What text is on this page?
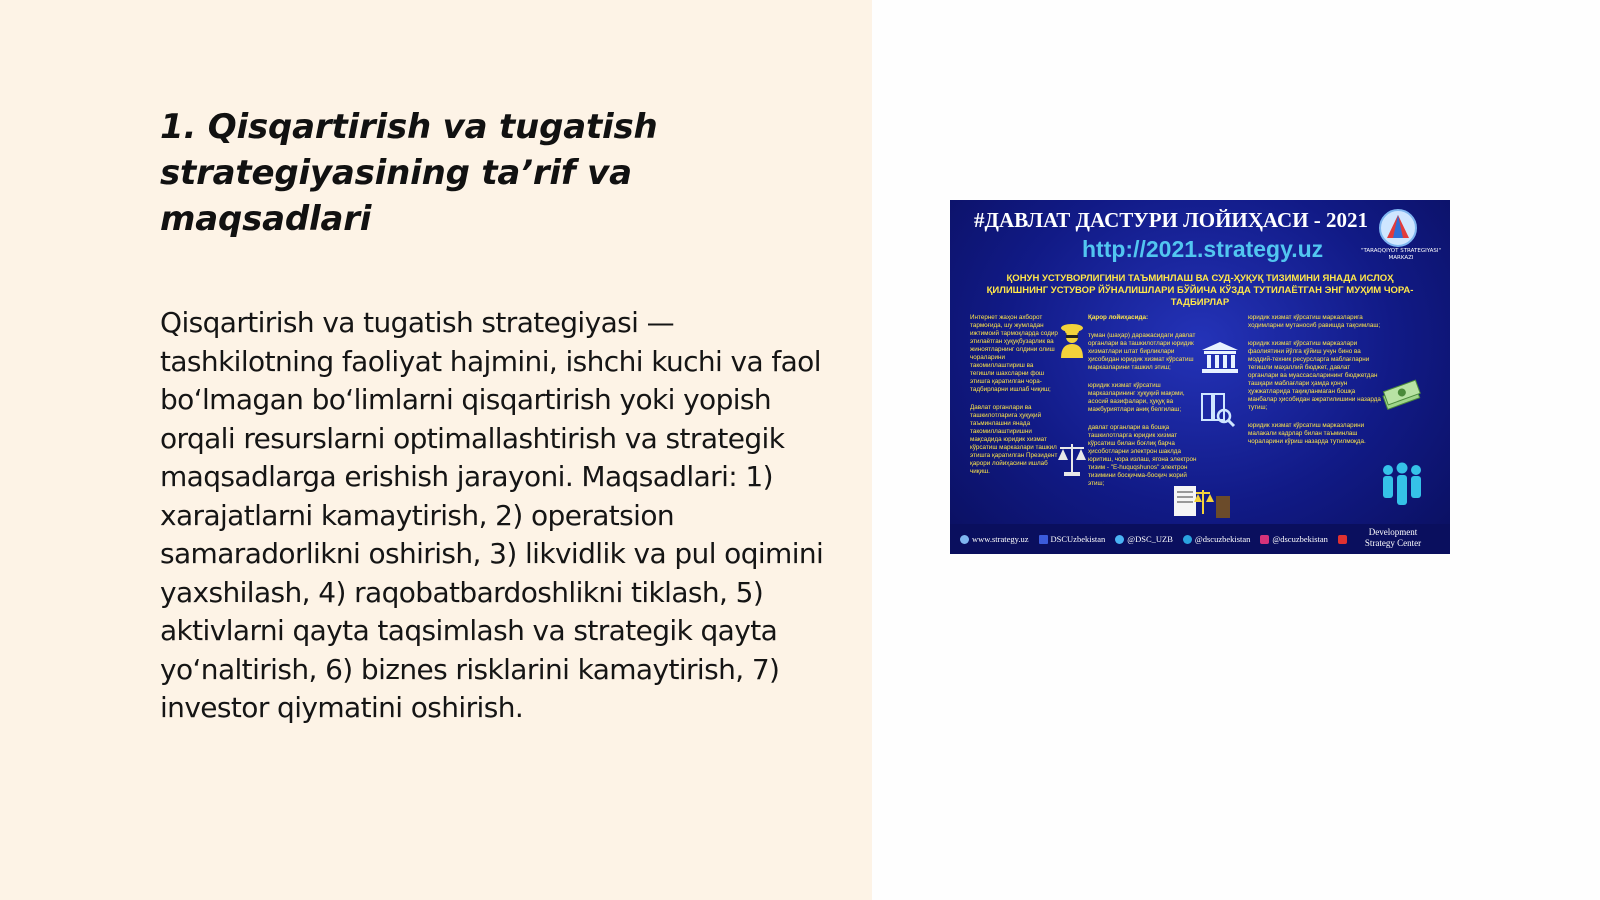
1. Qisqartirish va tugatish strategiyasining ta’rif va maqsadlari

Qisqartirish va tugatish strategiyasi — tashkilotning faoliyat hajmini, ishchi kuchi va faol bo‘lmagan bo‘limlarni qisqartirish yoki yopish orqali resurslarni optimallashtirish va strategik maqsadlarga erishish jarayoni. Maqsadlari: 1) xarajatlarni kamaytirish, 2) operatsion samaradorlikni oshirish, 3) likvidlik va pul oqimini yaxshilash, 4) raqobatbardoshlikni tiklash, 5) aktivlarni qayta taqsimlash va strategik qayta yo‘naltirish, 6) biznes risklarini kamaytirish, 7) investor qiymatini oshirish.

#ДАВЛАТ ДАСТУРИ ЛОЙИҲАСИ - 2021
http://2021.strategy.uz	"TARAQQIYOT STRATEGIYASI" MARKAZI
ҚОНУН УСТУВОРЛИГИНИ ТАЪМИНЛАШ ВА СУД-ҲУҚУҚ ТИЗИМИНИ ЯНАДА ИСЛОҲ ҚИЛИШНИНГ УСТУВОР ЙЎНАЛИШЛАРИ БЎЙИЧА КЎЗДА ТУТИЛАЁТГАН ЭНГ МУҲИМ ЧОРА-ТАДБИРЛАР
Интернет жаҳон ахборот тармоғида, шу жумладан ижтимоий тармоқларда содир этилаётган ҳуқуқбузарлик ва жиноятларнинг олдини олиш чораларини такомиллаштириш ва тегишли шахсларни фош этишга қаратилган чора-тадбирларни ишлаб чиқиш;
Давлат органлари ва ташкилотларига ҳуқуқий таъминлашни янада такомиллаштиришни мақсадида юридик хизмат кўрсатиш марказлари ташкил этишга қаратилган Президент қарори лойиҳасини ишлаб чиқиш.
Қарор лойиҳасида:
туман (шаҳар) даражасидаги давлат органлари ва ташкилотлари юридик хизматлари штат бирликлари ҳисобидан юридик хизмат кўрсатиш марказларини ташкил этиш;
юридик хизмат кўрсатиш марказларининг ҳуқуқий мақоми, асосий вазифалари, ҳуқуқ ва мажбуриятлари аниқ белгилаш;
давлат органлари ва бошқа ташкилотларга юридик хизмат кўрсатиш билан боғлиқ барча ҳисоботларни электрон шаклда юритиш, чора излаш, ягона электрон тизим - "E-huquqshunos" электрон тизимини босқичма-босқич жорий этиш;
юридик хизмат кўрсатиш марказларига ходимларни мутаносиб равишда тақсимлаш;
юридик хизмат кўрсатиш марказлари фаолиятини йўлга қўйиш учун бино ва моддий-техник ресурсларга маблағларни тегишли маҳаллий бюджет, давлат органлари ва муассасаларининг бюджетдан ташқари маблағлари ҳамда қонун ҳужжатларида тақиқланмаган бошқа манбалар ҳисобидан ажратилишини назарда тутиш;
юридик хизмат кўрсатиш марказларини малакали кадрлар билан таъминлаш чораларини кўриш назарда тутилмоқда.
www.strategy.uz	DSCUzbekistan	@DSC_UZB	@dscuzbekistan	@dscuzbekistan
Development Strategy Center
